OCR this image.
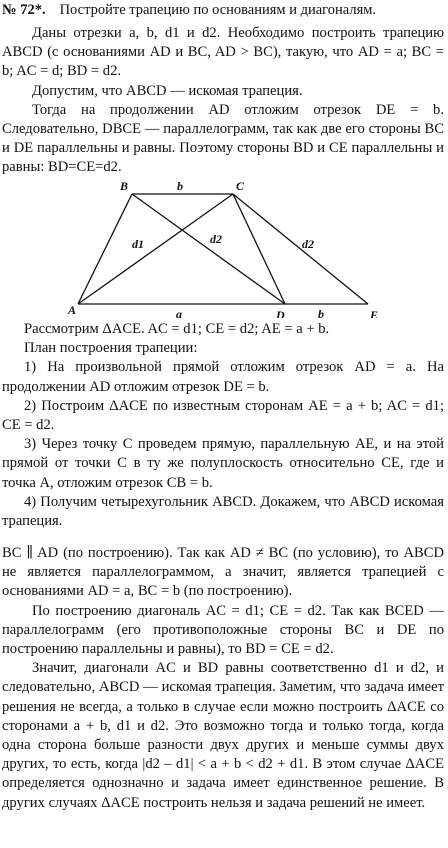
№ 72*. Постройте трапецию по основаниям и диагоналям.

Даны отрезки a, b, d1 и d2. Необходимо построить трапецию ABCD (с основаниями AD и BC, AD > BC), такую, что AD = a; BC = b; AC = d; BD = d2.

Допустим, что ABCD — искомая трапеция.

Тогда на продолжении AD отложим отрезок DE = b. Следовательно, DBCE — параллелограмм, так как две его стороны BC и DE параллельны и равны. Поэтому стороны BD и CE параллельны и равны: BD=CE=d2.

B	C
A	D	E
b
a	b
d1	d2	d2

Рассмотрим ΔACE. AC = d1; CE = d2; AE = a + b.

План построения трапеции:

1) На произвольной прямой отложим отрезок AD = a. На продолжении AD отложим отрезок DE = b.

2) Построим ΔACE по известным сторонам AE = a + b; AC = d1; CE = d2.

3) Через точку C проведем прямую, параллельную AE, и на этой прямой от точки C в ту же полуплоскость относительно CE, где и точка A, отложим отрезок CB = b.

4) Получим четырехугольник ABCD. Докажем, что ABCD искомая трапеция.

BC ∥ AD (по построению). Так как AD ≠ BC (по условию), то ABCD не является параллелограммом, а значит, является трапецией с основаниями AD = a, BC = b (по построению).

По построению диагональ AC = d1; CE = d2. Так как BCED — параллелограмм (его противоположные стороны BC и DE по построению параллельны и равны), то BD = CE = d2.

Значит, диагонали AC и BD равны соответственно d1 и d2, и следовательно, ABCD — искомая трапеция. Заметим, что задача имеет решения не всегда, а только в случае если можно построить ΔACE со сторонами a + b, d1 и d2. Это возможно тогда и только тогда, когда одна сторона больше разности двух других и меньше суммы двух других, то есть, когда |d2 – d1| < a + b < d2 + d1. В этом случае ΔACE определяется однозначно и задача имеет единственное решение. В других случаях ΔACE построить нельзя и задача решений не имеет.
